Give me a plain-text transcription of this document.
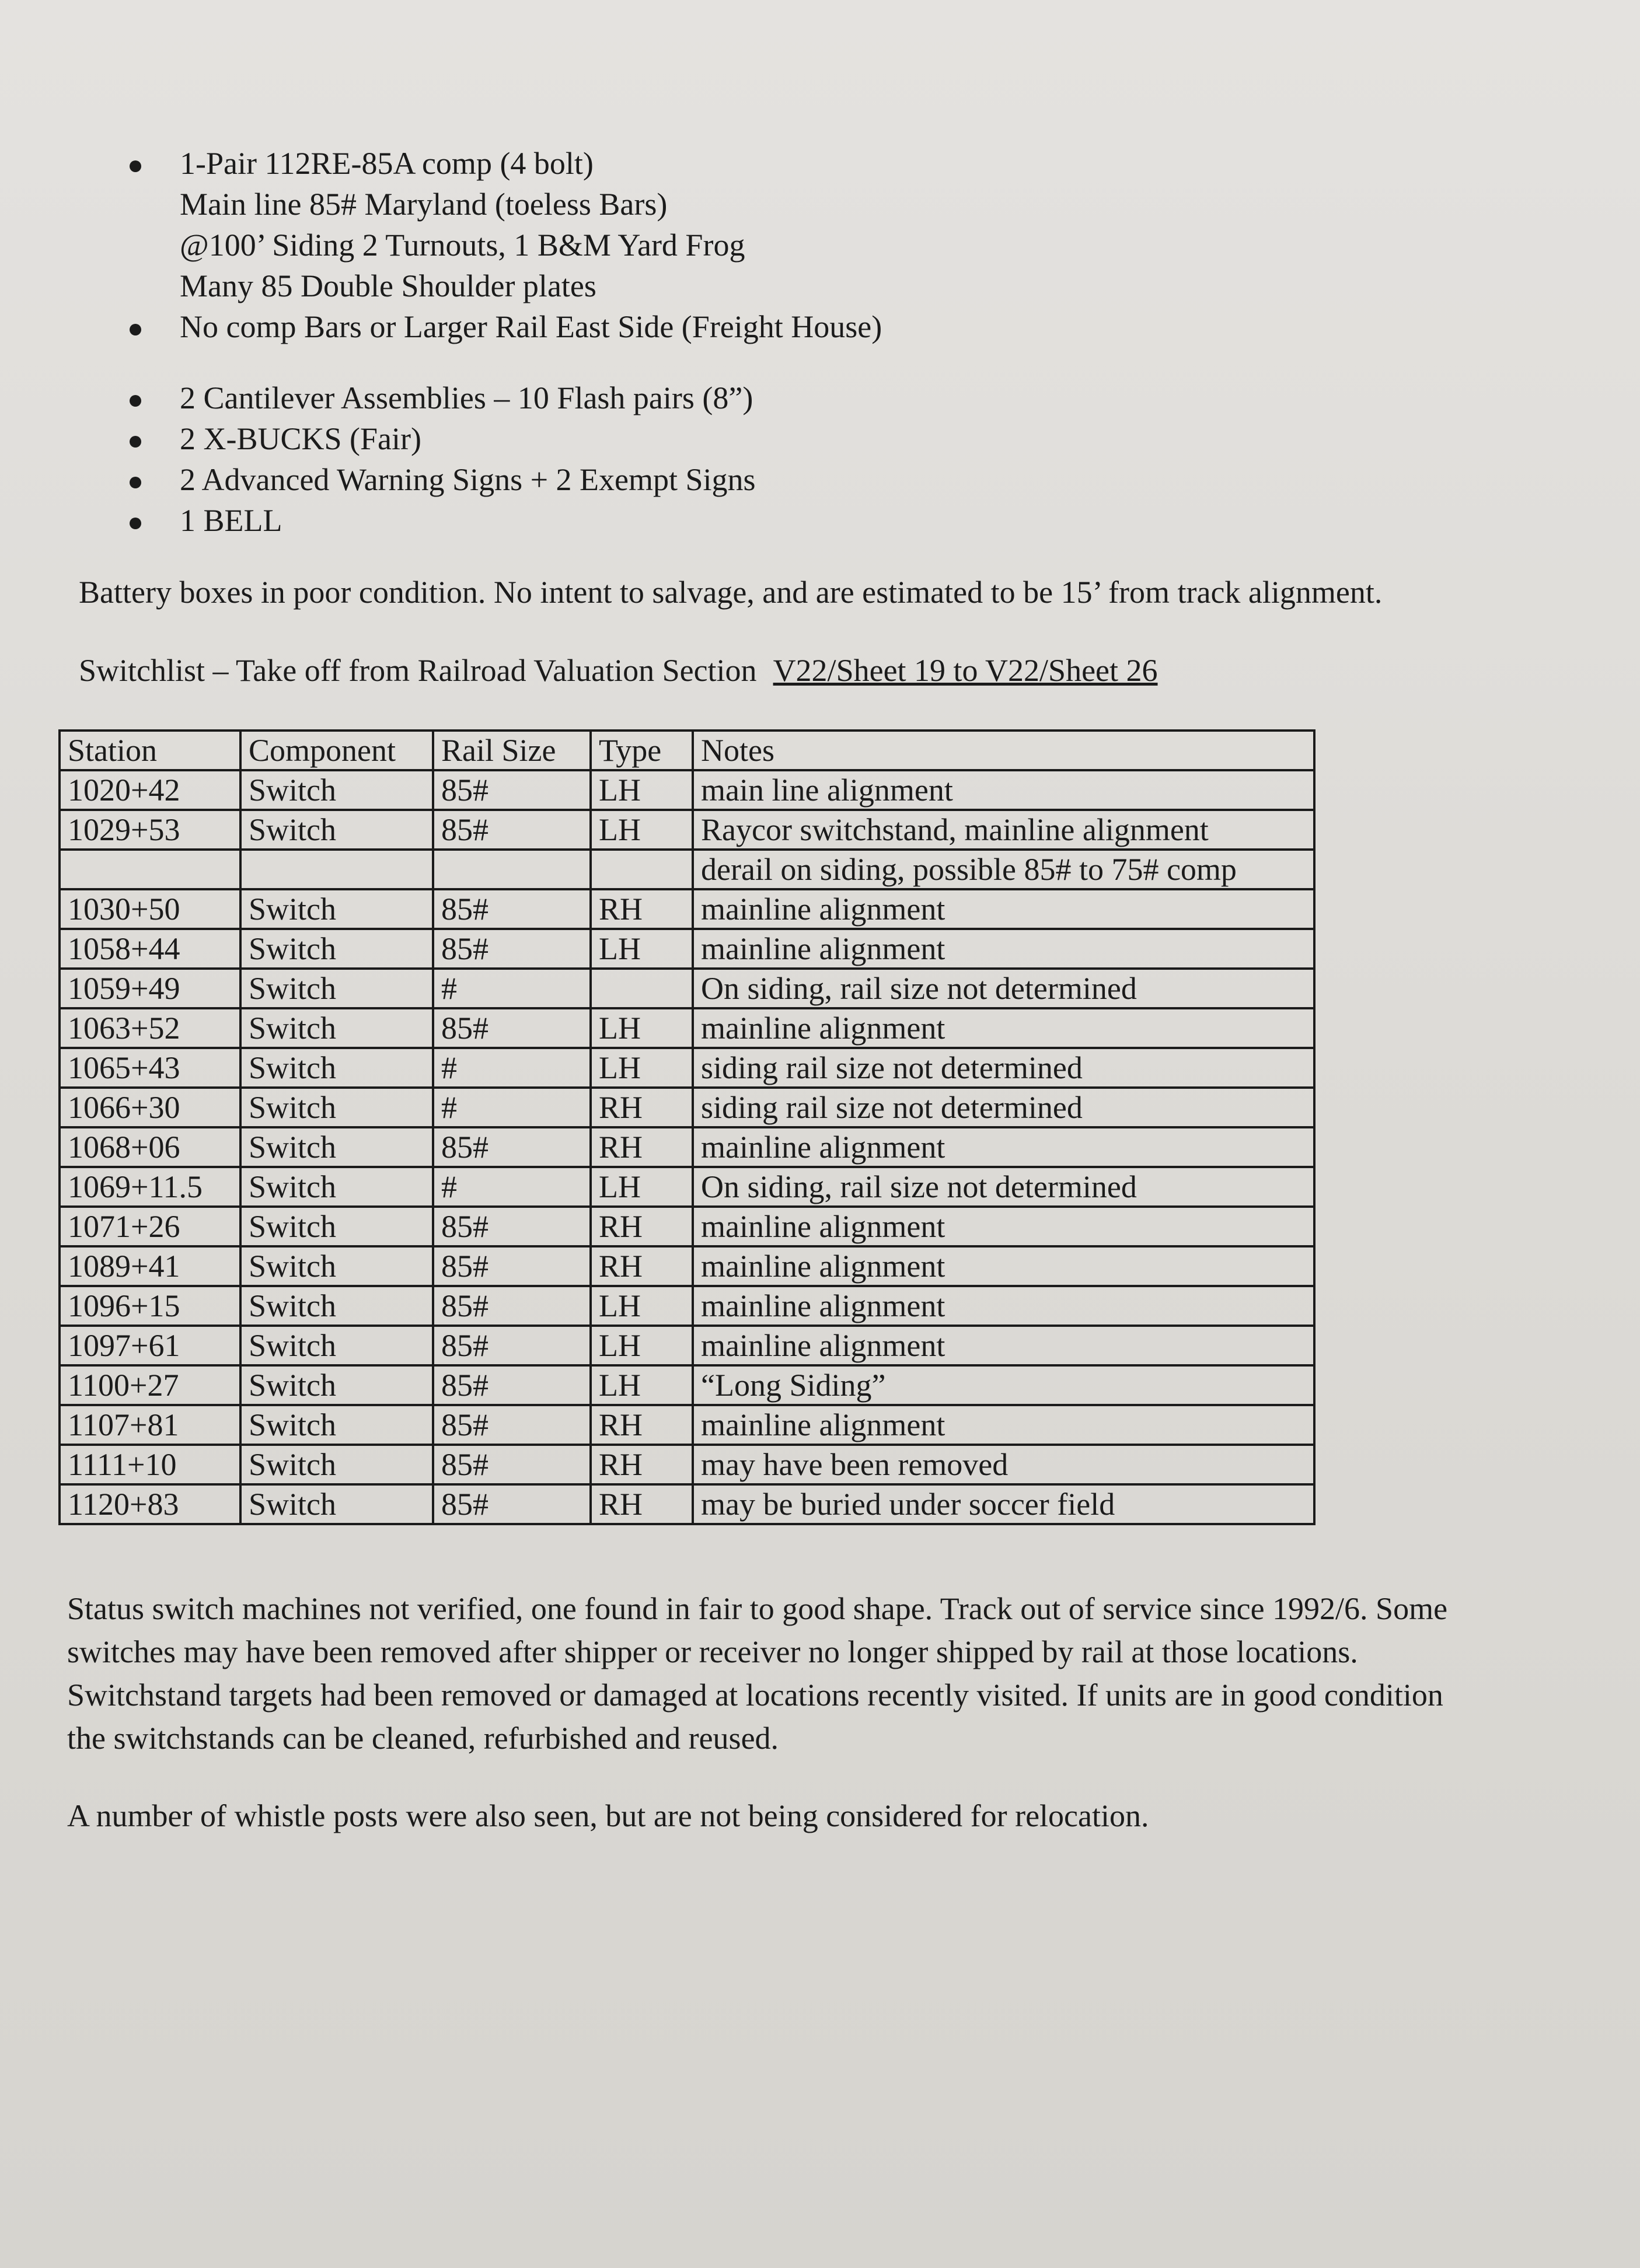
1-Pair 112RE-85A comp (4 bolt)
Main line 85# Maryland (toeless Bars)
@100’ Siding 2 Turnouts, 1 B&M Yard Frog
Many 85 Double Shoulder plates
No comp Bars or Larger Rail East Side (Freight House)
2 Cantilever Assemblies – 10 Flash pairs (8”)
2 X-BUCKS (Fair)
2 Advanced Warning Signs + 2 Exempt Signs
1 BELL

Battery boxes in poor condition. No intent to salvage, and are estimated to be 15’ from track alignment.

Switchlist – Take off from Railroad Valuation Section V22/Sheet 19 to V22/Sheet 26

Station	Component	Rail Size	Type	Notes
1020+42	Switch	85#	LH	main line alignment
1029+53	Switch	85#	LH	Raycor switchstand, mainline alignment
				derail on siding, possible 85# to 75# comp
1030+50	Switch	85#	RH	mainline alignment
1058+44	Switch	85#	LH	mainline alignment
1059+49	Switch	#		On siding, rail size not determined
1063+52	Switch	85#	LH	mainline alignment
1065+43	Switch	#	LH	siding rail size not determined
1066+30	Switch	#	RH	siding rail size not determined
1068+06	Switch	85#	RH	mainline alignment
1069+11.5	Switch	#	LH	On siding, rail size not determined
1071+26	Switch	85#	RH	mainline alignment
1089+41	Switch	85#	RH	mainline alignment
1096+15	Switch	85#	LH	mainline alignment
1097+61	Switch	85#	LH	mainline alignment
1100+27	Switch	85#	LH	“Long Siding”
1107+81	Switch	85#	RH	mainline alignment
1111+10	Switch	85#	RH	may have been removed
1120+83	Switch	85#	RH	may be buried under soccer field
Status switch machines not verified, one found in fair to good shape. Track out of service since 1992/6. Some
switches may have been removed after shipper or receiver no longer shipped by rail at those locations.
Switchstand targets had been removed or damaged at locations recently visited. If units are in good condition
the switchstands can be cleaned, refurbished and reused.

A number of whistle posts were also seen, but are not being considered for relocation.
